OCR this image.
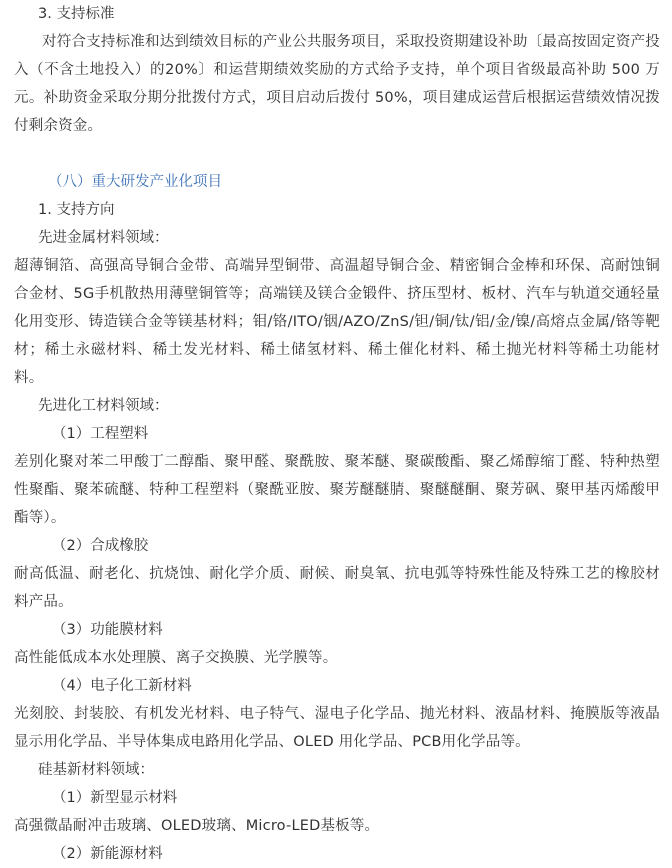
3. 支持标准

对符合支持标准和达到绩效目标的产业公共服务项目，采取投资期建设补助〔最高按固定资产投入（不含土地投入）的20%〕和运营期绩效奖励的方式给予支持，单个项目省级最高补助 500 万元。补助资金采取分期分批拨付方式，项目启动后拨付 50%，项目建成运营后根据运营绩效情况拨付剩余资金。

（八）重大研发产业化项目
1. 支持方向
先进金属材料领域：

超薄铜箔、高强高导铜合金带、高端异型铜带、高温超导铜合金、精密铜合金棒和环保、高耐蚀铜合金材、5G手机散热用薄壁铜管等；高端镁及镁合金锻件、挤压型材、板材、汽车与轨道交通轻量化用变形、铸造镁合金等镁基材料；钼/铬/ITO/铟/AZO/ZnS/钽/铜/钛/铝/金/镍/高熔点金属/铬等靶材；稀土永磁材料、稀土发光材料、稀土储氢材料、稀土催化材料、稀土抛光材料等稀土功能材料。

先进化工材料领域：
（1）工程塑料

差别化聚对苯二甲酸丁二醇酯、聚甲醛、聚酰胺、聚苯醚、聚碳酸酯、聚乙烯醇缩丁醛、特种热塑性聚酯、聚苯硫醚、特种工程塑料（聚酰亚胺、聚芳醚醚腈、聚醚醚酮、聚芳砜、聚甲基丙烯酸甲酯等）。

（2）合成橡胶

耐高低温、耐老化、抗烧蚀、耐化学介质、耐候、耐臭氧、抗电弧等特殊性能及特殊工艺的橡胶材料产品。

（3）功能膜材料

高性能低成本水处理膜、离子交换膜、光学膜等。

（4）电子化工新材料

光刻胶、封装胶、有机发光材料、电子特气、湿电子化学品、抛光材料、液晶材料、掩膜版等液晶显示用化学品、半导体集成电路用化学品、OLED 用化学品、PCB用化学品等。

硅基新材料领域：
（1）新型显示材料

高强微晶耐冲击玻璃、OLED玻璃、Micro-LED基板等。

（2）新能源材料
